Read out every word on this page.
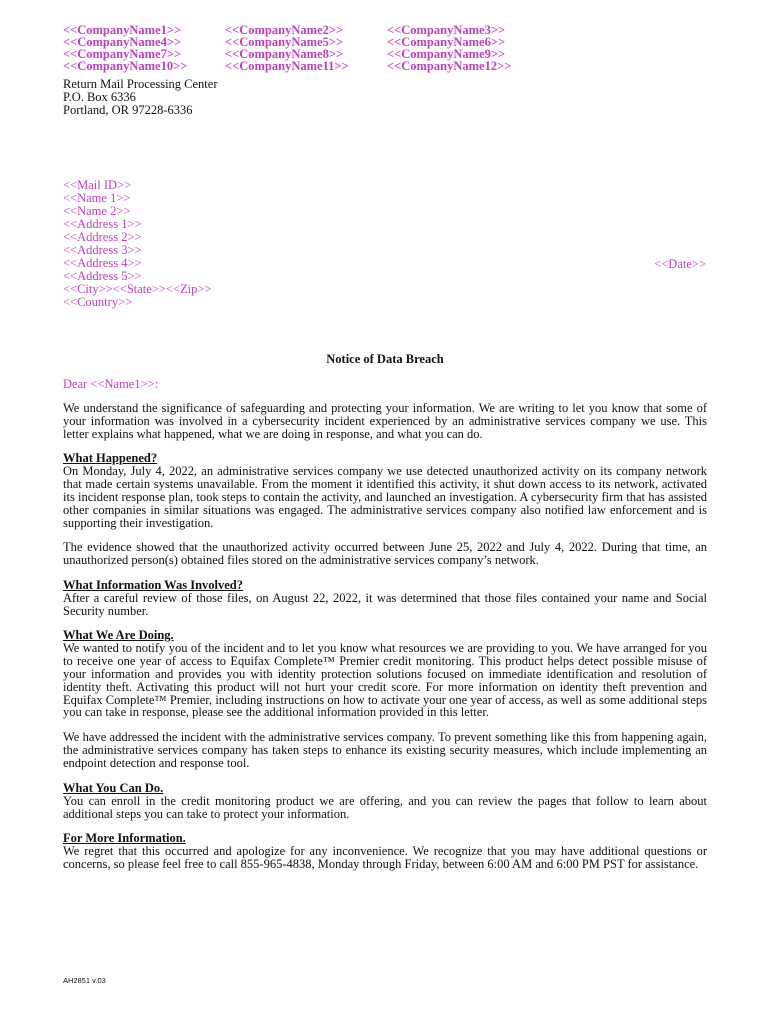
<<CompanyName1>>	<<CompanyName2>>	<<CompanyName3>>
<<CompanyName4>>	<<CompanyName5>>	<<CompanyName6>>
<<CompanyName7>>	<<CompanyName8>>	<<CompanyName9>>
<<CompanyName10>>	<<CompanyName11>>	<<CompanyName12>>
Return Mail Processing Center
P.O. Box 6336
Portland, OR 97228-6336
<<Mail ID>>
<<Name 1>>
<<Name 2>>
<<Address 1>>
<<Address 2>>
<<Address 3>>
<<Address 4>>
<<Address 5>>
<<City>><<State>><<Zip>>
<<Country>>
<<Date>>
Notice of Data Breach
Dear <<Name1>>:
We understand the significance of safeguarding and protecting your information. We are writing to let you know that some of your information was involved in a cybersecurity incident experienced by an administrative services company we use. This letter explains what happened, what we are doing in response, and what you can do.
What Happened?
On Monday, July 4, 2022, an administrative services company we use detected unauthorized activity on its company network that made certain systems unavailable. From the moment it identified this activity, it shut down access to its network, activated its incident response plan, took steps to contain the activity, and launched an investigation. A cybersecurity firm that has assisted other companies in similar situations was engaged. The administrative services company also notified law enforcement and is supporting their investigation.
The evidence showed that the unauthorized activity occurred between June 25, 2022 and July 4, 2022. During that time, an unauthorized person(s) obtained files stored on the administrative services company’s network.
What Information Was Involved?
After a careful review of those files, on August 22, 2022, it was determined that those files contained your name and Social Security number.
What We Are Doing.
We wanted to notify you of the incident and to let you know what resources we are providing to you. We have arranged for you to receive one year of access to Equifax Complete™ Premier credit monitoring. This product helps detect possible misuse of your information and provides you with identity protection solutions focused on immediate identification and resolution of identity theft. Activating this product will not hurt your credit score. For more information on identity theft prevention and Equifax Complete™ Premier, including instructions on how to activate your one year of access, as well as some additional steps you can take in response, please see the additional information provided in this letter.
We have addressed the incident with the administrative services company. To prevent something like this from happening again, the administrative services company has taken steps to enhance its existing security measures, which include implementing an endpoint detection and response tool.
What You Can Do.
You can enroll in the credit monitoring product we are offering, and you can review the pages that follow to learn about additional steps you can take to protect your information.
For More Information.
We regret that this occurred and apologize for any inconvenience. We recognize that you may have additional questions or concerns, so please feel free to call 855-965-4838, Monday through Friday, between 6:00 AM and 6:00 PM PST for assistance.
AH2851 v.03
